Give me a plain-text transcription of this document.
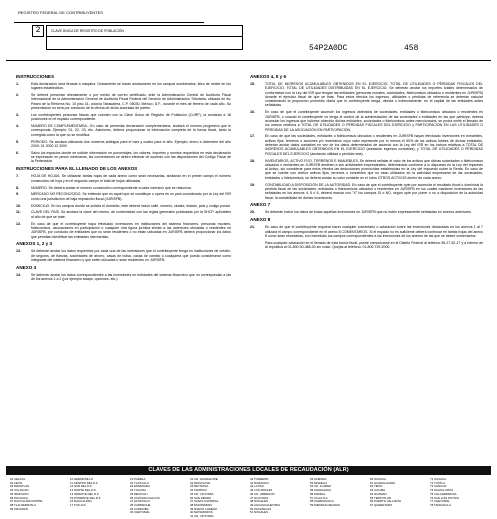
REGISTRO FEDERAL DE CONTRIBUYENTES
2	CLAVE ÚNICA DE REGISTRO DE POBLACIÓN
54P2A0DC	458
INSTRUCCIONES
1.	Esta declaración será llenada a máquina. Únicamente se harán anotaciones en los campos sombreados, letra de molde en los lugares establecidos.
2.	Se deberá presentar directamente o por medio de correo certificado, ante la Administración Central de Auditoría Fiscal Internacional de la Administración General de Auditoría Fiscal Federal del Servicio de Administración Tributaria, ubicada en Av. Paseo de la Reforma No. 10 piso 31, colonia Tabacalera, C.P. 06030, México, D.F., durante el mes de febrero de cada año. Su presentación no será por conducto de la oficina de dicha autoridad de partes.
3.	Los contribuyentes personas físicas que cuenten con la Clave Única de Registro de Población (CURP), la anotarán a 18 posiciones en el espacio correspondiente.
4.	NÚMERO DE COMPLEMENTARIA.- En caso de presentar declaración complementaria, anotará el número progresivo que le corresponda. Ejemplo: 01, 02, 03, etc. Asimismo, deberá proporcionar la información completa de la forma fiscal, tanto la corregida como la que no se modifica.
5.	PERIODO. Se anotará utilizando dos números arábigos para el mes y cuatro para el año. Ejemplo: enero a diciembre del año 2000: 01 2000 12 2000
6.	Salvo los espacios donde se solicite información en porcentajes, los valores, importes y montos requeridos en esta declaración se expresarán en pesos mexicanos, las conversiones se deben efectuar de acuerdo con las disposiciones del Código Fiscal de la Federación.
INSTRUCCIONES PARA EL LLENADO DE LOS ANEXOS
7.	HOJA DE HOJAS. Se utilizarán tantas hojas de cada anexo como sean necesarias, anotando en el primer campo el número consecutivo de hoja y en el segundo campo el total de hojas utilizadas.
8.	NÚMERO. Se deberá anotar el número consecutivo correspondiente a cada inversión que se relaciona.
9.	MERCADO NO RECONOCIDO. Se entiende que es aquél que se constituye u opera en un país considerado por la Ley del ISR como una jurisdicción de baja imposición fiscal (JURISFB).
10.	DOMICILIO. En los campos donde se solicita el domicilio, éste deberá incluir calle, número, ciudad, estado, país y código postal.
11.	CLAVE DEL PAÍS. Se anotará la clave del mismo, de conformidad con las reglas generales publicadas por la SHCP, aplicables al año de que se trate.
12.	En caso de que el contribuyente haya efectuado inversiones en instituciones del sistema financiero, personas morales, fideicomisos, asociaciones en participación o cualquier otra figura jurídica similar a las anteriores ubicadas o residentes en JURISFB, por conducto de entidades que no sean residentes o no están ubicadas en JURISFB deberá proporcionar los datos que permitan identificar las entidades intermedias.
ANEXOS 1, 2 y 3
13.	Se deberán anotar los datos requeridos por cada una de las inversiones que el contribuyente tenga en instituciones de crédito, de seguros, de fianzas, sociedades de ahorro, casas de bolsa, casas de cambio o cualquiera que pueda considerarse como integrante del sistema financiero y que estén ubicadas o sean residentes en JURISFB.
ANEXO 3
14.	Se deberán anotar los datos correspondientes a las inversiones en entidades del sistema financiero que no correspondan a las de los anexos 1 a 2 (por ejemplo swaps, opciones, etc.).
ANEXOS 4, 5 y 6
15.	TOTAL DE INGRESOS ACUMULABLES OBTENIDOS EN EL EJERCICIO, TOTAL DE UTILIDADES O PÉRDIDAS FISCALES DEL EJERCICIO, TOTAL DE UTILIDADES DISTRIBUIDAS EN EL EJERCICIO. Se deberán anotar los importes totales determinados de conformidad con la Ley del ISR que tengan las entidades (personas morales, sociedades, fideicomisos ubicados o residentes en JURISFB) durante el ejercicio fiscal de que se trate. Para estos efectos los ingresos, utilidades o pérdidas de referencia se deberán calcular considerando la proporción promedio diaria que el contribuyente tenga, directa o indirectamente, en el capital de las entidades antes señaladas.
16.	En caso de que el contribuyente acumule los ingresos obtenidos de sociedades, entidades o fideicomisos ubicados o residentes en JURISFB, o cuando el contribuyente no tenga el control de la administración de las sociedades o entidades en las que participe, deberá acumular los ingresos que hubiese obtenido dichas entidades, sociedades o fideicomisos antes mencionados, se podrá omitir el llenado de los incisos relativos a TOTAL DE UTILIDADES O PÉRDIDAS FISCALES DEL EJERCICIO y PARTICIPACIÓN EN LAS UTILIDADES O PÉRDIDAS DE LA ASOCIACIÓN EN PARTICIPACIÓN.
17.	En caso de que las sociedades, entidades o fideicomisos ubicados o residentes en JURISFB hayan efectuado inversiones en inmuebles, activos fijos, terrenos o acciones y/o inventarios cuyo valor represente por lo menos el 50% de los activos totales de dichas entidades, deberán anotar datos contables en vez de los datos determinados de acuerdo con la Ley del ISR en los incisos relativos a TOTAL DE INGRESOS ACUMULABLES OBTENIDOS EN EL EJERCICIO (anotando ingresos contables), y TOTAL DE UTILIDADES O PÉRDIDAS FISCALES DEL EJERCICIO (anotando utilidad o pérdida neta).
18.	INVENTARIOS, ACTIVO FIJO, TERRENOS E INMUEBLES. Se deberá señalar el valor de los activos que dichas sociedades o fideicomisos ubicados o residentes en JURISFB destinen a sus actividades empresariales, determinado conforme a lo dispuesto en la Ley del Impuesto al Activo, sin considerar para estos efectos las deducciones promovidas establecidas en la Ley del Impuesto sobre la Renta. En caso de que se cuente con ciertos activos fijos, terrenos o inmuebles que no sean utilizados en la actividad empresarial de las sociedades, entidades o fideicomisos, se deberá anotar su valor contable en el rubro OTROS ACTIVOS dentro de cada anexo.
19.	CONTABILIDAD A DISPOSICIÓN DE LA AUTORIDAD. En caso de que el contribuyente opte por acumular el resultado fiscal o dominical la pérdida fiscal de las sociedades, entidades o fideicomisos ubicados o residentes en JURISFB en los cuales mantiene inversiones de las señaladas en los anexos 4, 5 ó 6, deberá marcar con "X" los campos SI o NO, según opte por poner o no a disposición de la autoridad fiscal, la contabilidad de dichas inversiones.
ANEXO 7
20.	Se deberán incluir los datos de todas aquellas inversiones en JURISFB que no estén expresamente señaladas en anexos anteriores.
ANEXO 8
21.	En caso de que el contribuyente requiera hacer cualquier comentario o aclaración sobre las inversiones declaradas en los anexos 1 al 7 utilizará el campo correspondiente en el anexo 8 COMENTARIOS. Si el espacio no es suficiente deberá continuar en tantas hojas del anexo 8 como sean necesarias, con Inmediato los campos correspondientes a las inversiones de los anexos de las que se desee comentarios.
Para cualquier aclaración en el llenado de esta forma fiscal, puede comunicarse en el Distrito Federal al teléfono 55-27-52-27 y a Interior de la república al 01-800-90-486-00 sin costo. Quejas al teléfono: 01-800-729-2000.
CLAVES DE LAS ADMINISTRACIONES LOCALES DE RECAUDACIÓN (ALR)
01 CELAYA
02 LEÓN
03 MAZATLÁN
04 CULIACÁN
05 IRAPUATO
06 PACHUCA
07 NAUCALPAN NORTE
08 TLALNEPANTLA
09 URUAPAN
10 HERMOSILLO
11 CENTRO DEL D.F.
12 SUR DEL D.F.
13 NORTE DEL D.F.
14 ORIENTE DEL D.F.
15 PONIENTE DEL D.F.
16 NAUCALPAN
17 TOLUCA
21 PUEBLA
22 TLAXCALA
23 ENSENADA
24 TIJUANA
25 MEXICALI
26 COATZACOALCOS
27 ACAPULCO
28 CAMPECHE
29 CÓRDOBA
30 CHETUMAL
31 CD. GUADALUPE
32 MONCLOVA
33 REYNOSA
34 TAMPICO
35 CD. VICTORIA
36 SAN PEDRO
37 SANTA CATARINA
38 MONTERREY
39 NUEVO LAREDO
40 MATAMOROS
41 CD. VICTORIA
42 TORREÓN
43 DURANGO
44 LA PAZ
45 LOS MOCHIS
46 CD. OBREGÓN
47 GUAYMAS
48 NOGALES
49 AGUASCALIENTES
50 ZACATECAS
51 NOGALES
52 ZAMORA
53 MORELIA
54 CD. JUÁREZ
55 CHIHUAHUA
56 PARRAL
57 CUAUTLA
58 CUERNAVACA
59 PIEDRAS NEGRAS
60 OAXACA
61 GUADALAJARA
62 TEPIC
63 COLIMA
64 GUZMÁN
65 TEPATITLÁN
66 PUERTO VALLARTA
67 QUERÉTARO
71 OAXACA
72 TUXTLA
73 CANCÚN
74 SALINA CRUZ
75 VILLAHERMOSA
76 SAN LUIS POTOSÍ
77 CHETUMAL
78 TAPACHULA
